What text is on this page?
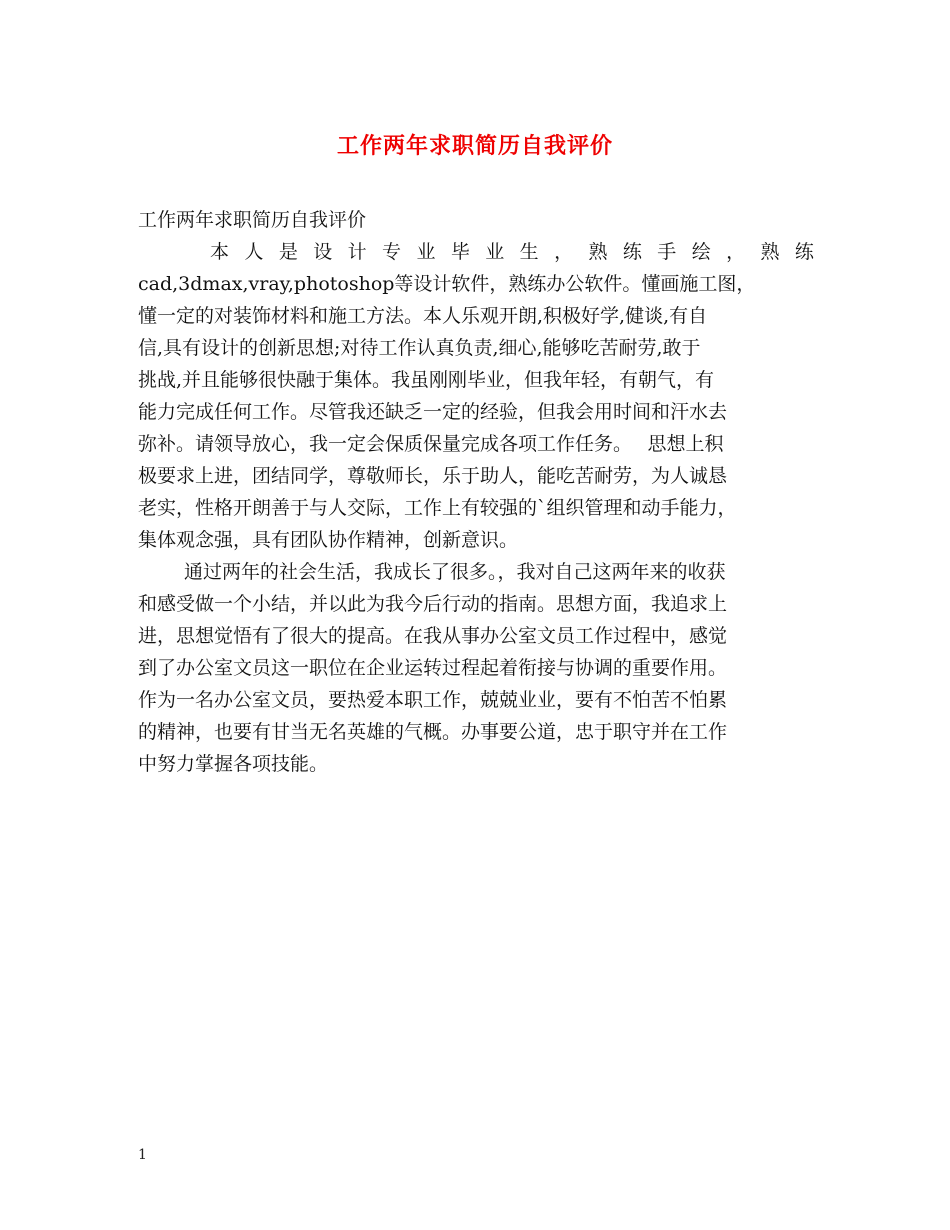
工作两年求职简历自我评价
工作两年求职简历自我评价
本 人 是 设 计 专 业 毕 业 生 ， 熟 练 手 绘 ， 熟 练
cad,3dmax,vray,photoshop等设计软件，熟练办公软件。懂画施工图，
懂一定的对装饰材料和施工方法。本人乐观开朗,积极好学,健谈,有自
信,具有设计的创新思想;对待工作认真负责,细心,能够吃苦耐劳,敢于
挑战,并且能够很快融于集体。我虽刚刚毕业，但我年轻，有朝气，有
能力完成任何工作。尽管我还缺乏一定的经验，但我会用时间和汗水去
弥补。请领导放心，我一定会保质保量完成各项工作任务。　 思想上积
极要求上进，团结同学，尊敬师长，乐于助人，能吃苦耐劳，为人诚恳
老实，性格开朗善于与人交际，工作上有较强的`组织管理和动手能力，
集体观念强，具有团队协作精神，创新意识。
通过两年的社会生活，我成长了很多。，我对自己这两年来的收获
和感受做一个小结，并以此为我今后行动的指南。思想方面，我追求上
进，思想觉悟有了很大的提高。在我从事办公室文员工作过程中，感觉
到了办公室文员这一职位在企业运转过程起着衔接与协调的重要作用。
作为一名办公室文员，要热爱本职工作，兢兢业业，要有不怕苦不怕累
的精神，也要有甘当无名英雄的气概。办事要公道，忠于职守并在工作
中努力掌握各项技能。
1
